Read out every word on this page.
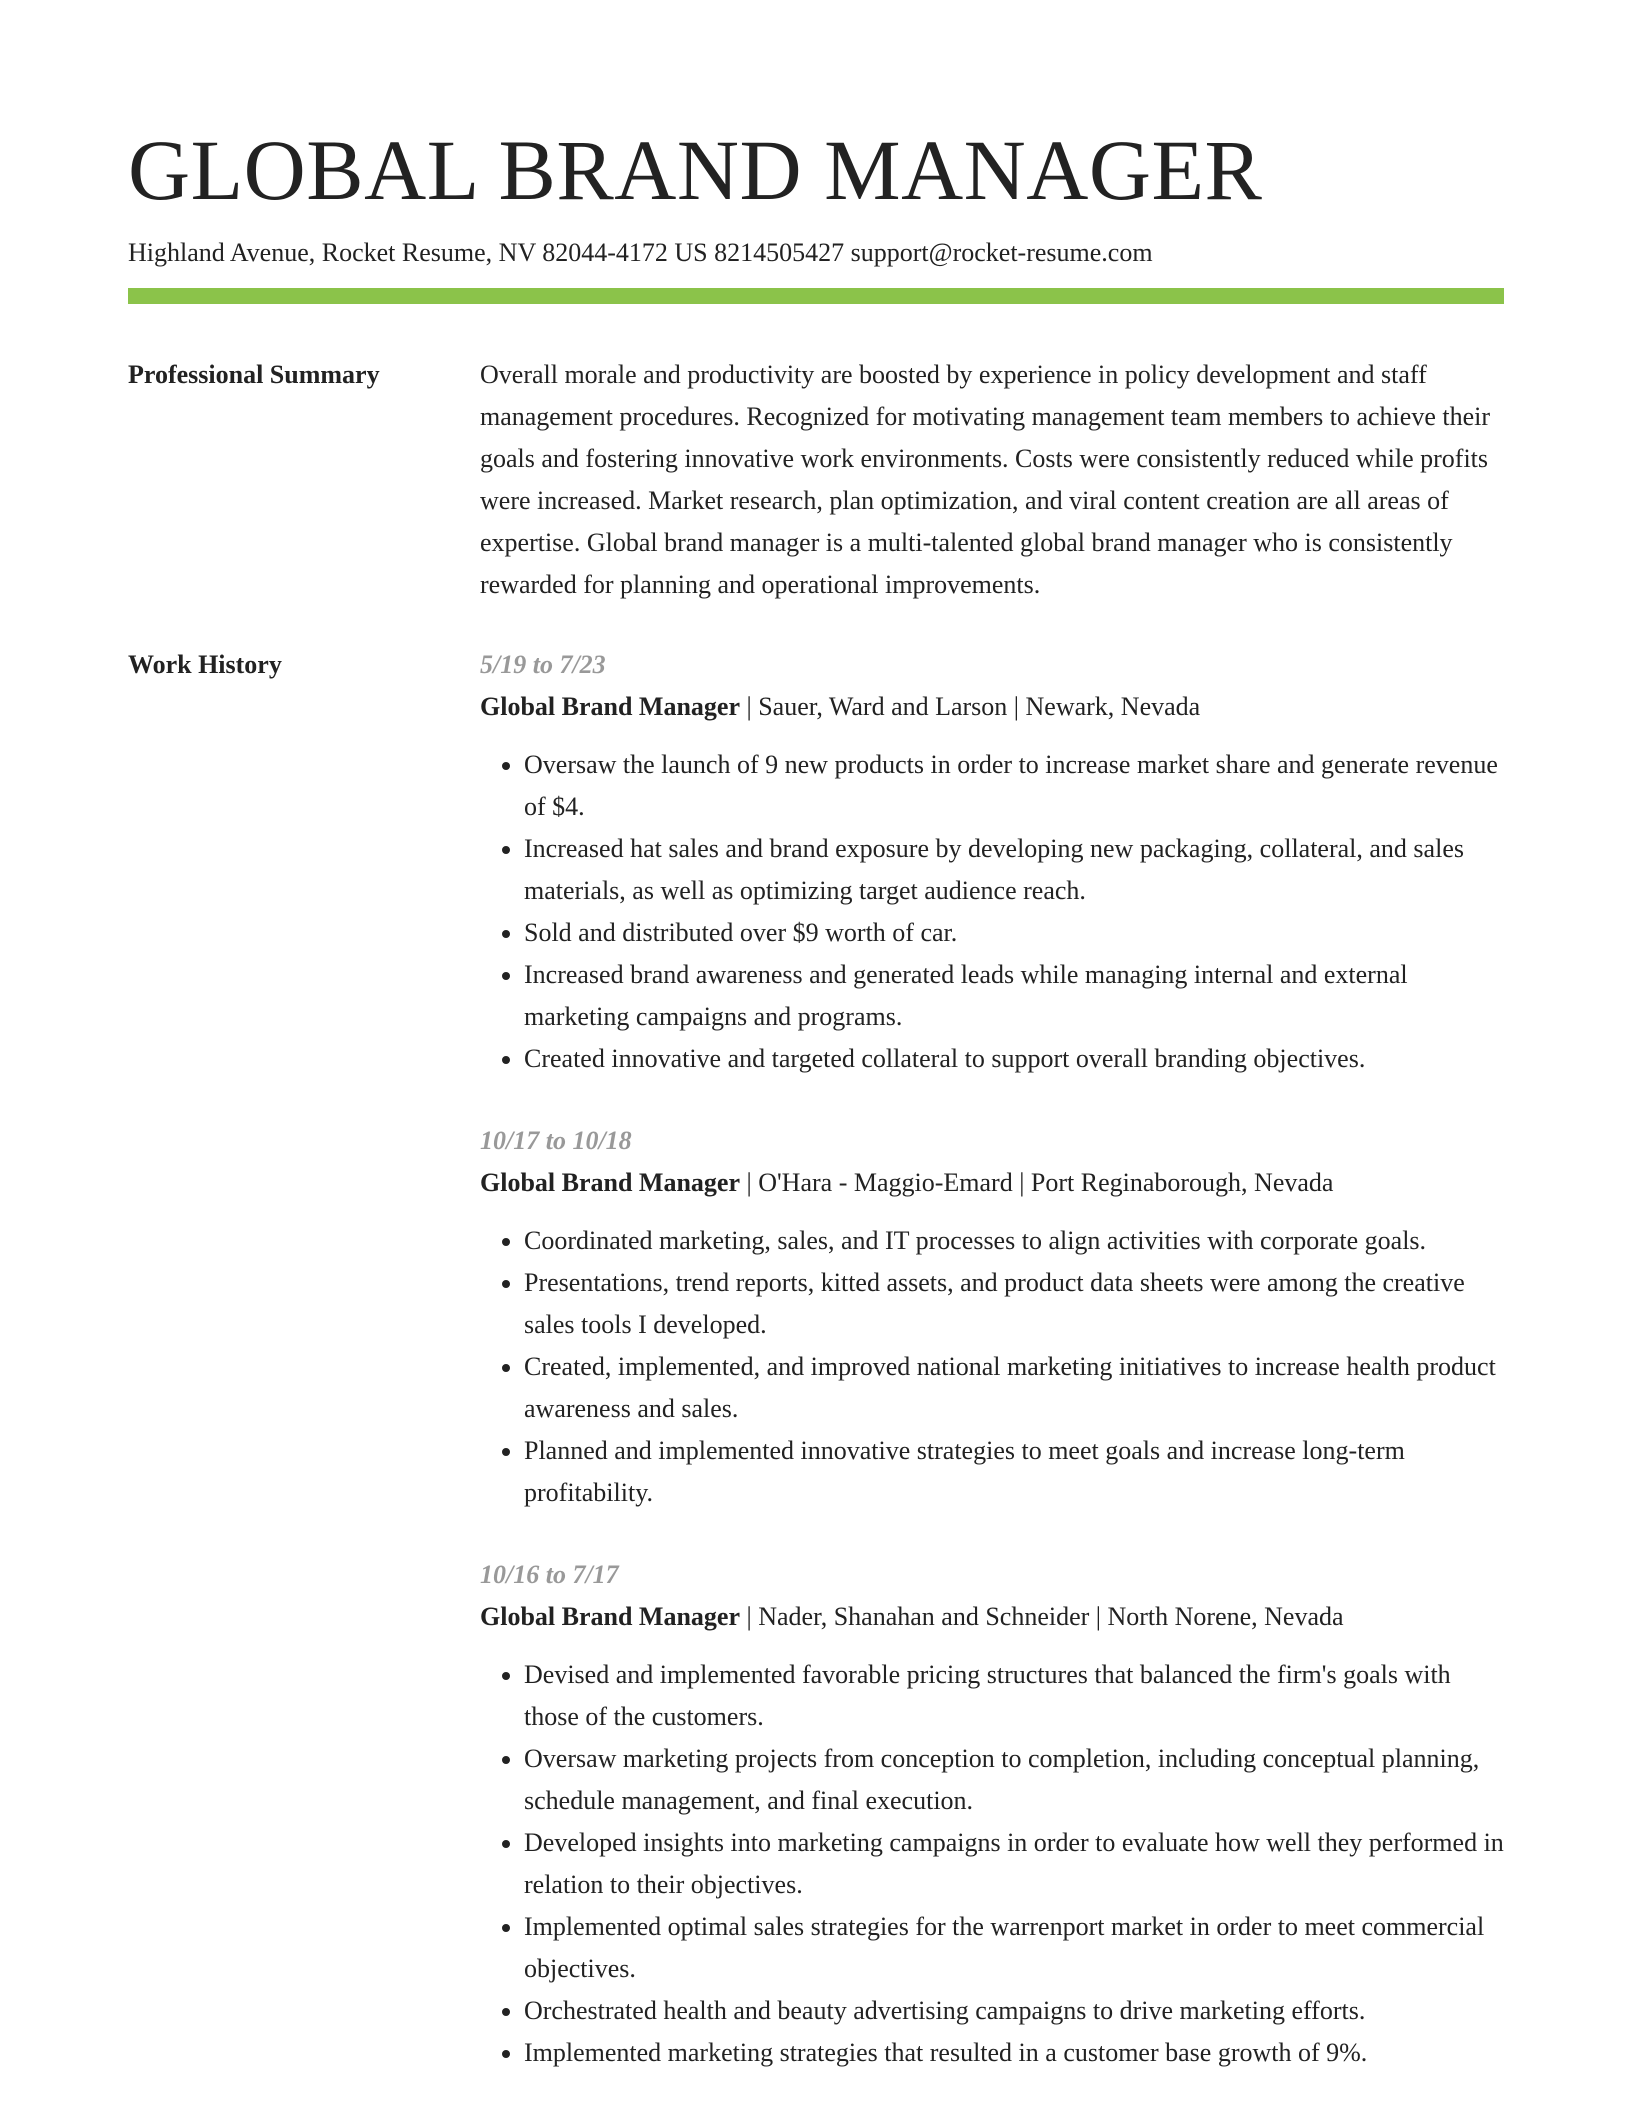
GLOBAL BRAND MANAGER
Highland Avenue, Rocket Resume, NV 82044-4172 US 8214505427 support@rocket-resume.com
Professional Summary	Overall morale and productivity are boosted by experience in policy development and staff management procedures. Recognized for motivating management team members to achieve their goals and fostering innovative work environments. Costs were consistently reduced while profits were increased. Market research, plan optimization, and viral content creation are all areas of expertise. Global brand manager is a multi-talented global brand manager who is consistently rewarded for planning and operational improvements.

Work History	5/19 to 7/23
Global Brand Manager | Sauer, Ward and Larson | Newark, Nevada
• Oversaw the launch of 9 new products in order to increase market share and generate revenue of $4.
• Increased hat sales and brand exposure by developing new packaging, collateral, and sales materials, as well as optimizing target audience reach.
• Sold and distributed over $9 worth of car.
• Increased brand awareness and generated leads while managing internal and external marketing campaigns and programs.
• Created innovative and targeted collateral to support overall branding objectives.
10/17 to 10/18
Global Brand Manager | O'Hara - Maggio-Emard | Port Reginaborough, Nevada
• Coordinated marketing, sales, and IT processes to align activities with corporate goals.
• Presentations, trend reports, kitted assets, and product data sheets were among the creative sales tools I developed.
• Created, implemented, and improved national marketing initiatives to increase health product awareness and sales.
• Planned and implemented innovative strategies to meet goals and increase long-term profitability.
10/16 to 7/17
Global Brand Manager | Nader, Shanahan and Schneider | North Norene, Nevada
• Devised and implemented favorable pricing structures that balanced the firm's goals with those of the customers.
• Oversaw marketing projects from conception to completion, including conceptual planning, schedule management, and final execution.
• Developed insights into marketing campaigns in order to evaluate how well they performed in relation to their objectives.
• Implemented optimal sales strategies for the warrenport market in order to meet commercial objectives.
• Orchestrated health and beauty advertising campaigns to drive marketing efforts.
• Implemented marketing strategies that resulted in a customer base growth of 9%.
